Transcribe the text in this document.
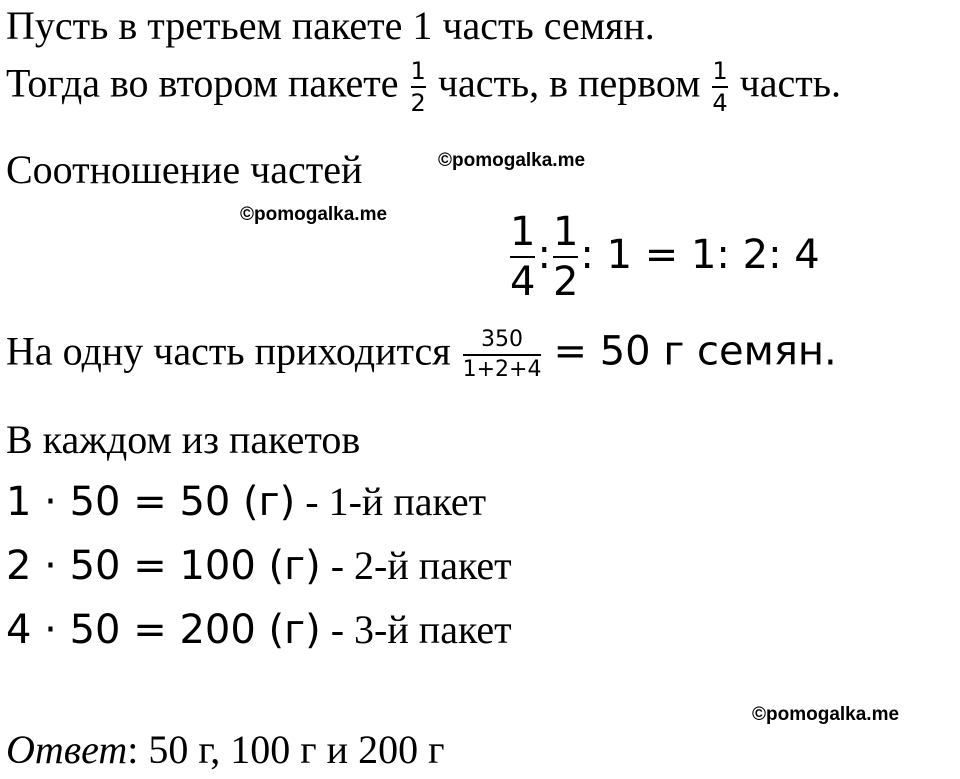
Пусть в третьем пакете 1 часть семян.
Тогда во втором пакете $\frac{1}{2}$ часть, в первом $\frac{1}{4}$ часть.
Соотношение частей
$\frac{1}{4}$ : $\frac{1}{2}$ : 1 = 1: 2: 4
На одну часть приходится $\frac{350}{1+2+4} = 50$ г семян.
В каждом из пакетов
1 · 50 = 50 (г) - 1-й пакет
2 · 50 = 100 (г) - 2-й пакет
4 · 50 = 200 (г) - 3-й пакет
Ответ: 50 г, 100 г и 200 г
©pomogalka.me
©pomogalka.me
©pomogalka.me
